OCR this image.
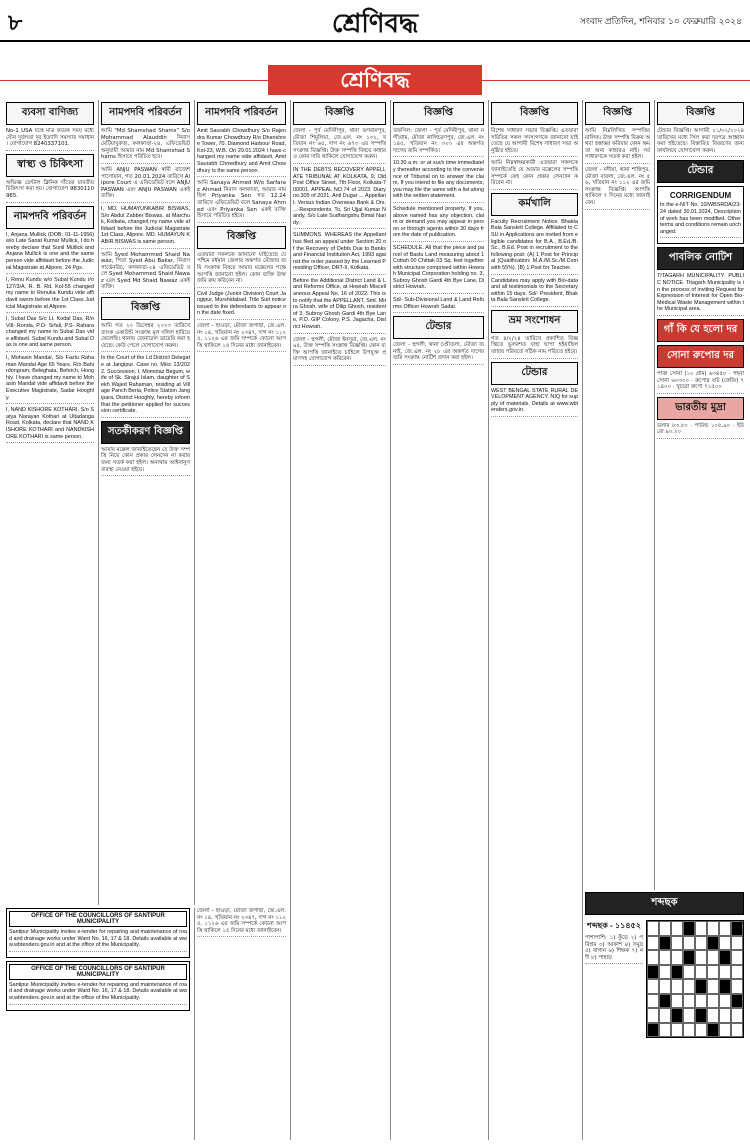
৮	শ্রেণিবদ্ধ	সংবাদ প্রতিদিন, শনিবার ১০ ফেব্রুয়ারি ২০২৪
শ্রেণিবদ্ধ
ব্যবসা বাণিজ্য
No-1 USA যন্ত্রে মাত্র কয়েক সময় মধ্যে যৌন দুর্বলতা দূর ইত্যাদি সমস্যার সমাধান। যোগাযোগ 8240337101.
স্বাস্থ্য ও চিকিৎসা
অভিজ্ঞ ডেন্টাল ক্লিনিক দাঁতের যাবতীয় চিকিৎসা করা হয়। যোগাযোগ 9830110965.
নামপদবি পরিবর্তন
I, Anjana Mullick (DOB: 01-11-1956) w/o Late Sanat Kumar Mullick, I do hereby declare that Sunil Mullick and Anjana Mullick is one and the same person vide affidavit before the Judicial Magistrate at Alipore, 24 Pgs.
I, Renu Kundu w/o Subal Kundu r/o 127/3/A, R. B. Rd. Kol-55 changed my name to Renuka Kundu vide affidavit sworn before the 1st Class Judicial Magistrate at Alipore.
I, Subal Das S/o Lt. Kodal Das, R/o Vill- Ronda, P.O- Srfali, P.S- Rahara changed my name to Subal Das vide affidavit. Subal Kundu and Subal Das is one and same person.
I, Mohasin Mandal, S/o Fazlu Rahaman Mandal Age 65 Years, R/o Bahirdongram, Beleghata, Behrich, Hooghly. I have changed my name to Mohasin Mandal vide affidavit before the Executive Magistrate, Sadar Hooghly.
I, NAND KISHORE KOTHARI, S/o Satya Narayan Kothari at Ultadanga Road, Kolkata, declare that NAND KISHORE KOTHARI and NANDKISHORE KOTHARI is same person.
OFFICE OF THE COUNCILLORS OF SANTIPUR MUNICIPALITY
Santipur Municipality invites e-tender for repairing and maintenance of road and drainage works under Ward No. 16, 17 & 18. Details available at www.wbtenders.gov.in and at the office of the Municipality.
OFFICE OF THE COUNCILLORS OF SANTIPUR MUNICIPALITY
Santipur Municipality invites e-tender for repairing and maintenance of road and drainage works under Ward No. 16, 17 & 18. Details available at www.wbtenders.gov.in and at the office of the Municipality.
নামপদবি পরিবর্তন
আমি "Md Shamshad Shams" S/o Mohammad Alauddin নিবাস মেটিয়াবুরুজ, কলকাতা-২৪, এফিডেভিট অনুযায়ী আমার নাম Md Shamshad Shams হিসাবে পরিচিত হবে।
আমি ANJU PASWAN স্বামী রাজেশ পাসোয়ান, গত 20.01.2024 তারিখে Alipore Court এ এফিডেভিট বলে ANJU PASWAN এবং ANJU PASWAN একই ব্যক্তি।
I, MD. HUMAYUNKABIR BISWAS, S/o Abdul Zabber Biswas, at Marchuk, Kolkata, changed my name vide affidavit before the Judicial Magistrate 1st Class, Alipore. MD. HUMAYUN KABIR BISWAS is same person.
আমি Syed Mohammed Shaid Nawaz, পিতা Syed Abu Bakar, নিবাস গার্ডেনরিচ, কলকাতা-২৪ এফিডেভিট বলে Syed Mohammed Shaid Nawaz এবং Syed Md Shaid Nawaz একই ব্যক্তি।
বিজ্ঞপ্তি
আমি গত ২০ ডিসেম্বর ২০২৩ তারিখে ব্যাংক একাউন্ট সংক্রান্ত মূল দলিল হারিয়ে ফেলেছি। থানায় জেনারেল ডায়েরি করা হয়েছে। কেউ পেলে যোগাযোগ করুন।
In the Court of the Ld District Delegate at Jangipur. Case no. Misc 13/2022. Succession. I, Momotaz Begum, wife of Sk. Sirajul Islam, daughter of Sekh Wajed Rahaman, residing at Village Panch Beria, Police Station Jangipara, District Hooghly, hereby inform that the petitioner applied for succession certificate.
সতর্কীকরণ বিজ্ঞপ্তি
আমার মক্কেল জানাইতেছেন যে উক্ত সম্পত্তি নিয়ে কোন প্রকার লেনদেন না করার জন্য সতর্ক করা হইল। অন্যথায় আইনানুগ ব্যবস্থা নেওয়া হইবে।
নামপদবি পরিবর্তন
Amit Saurabh Chowdhury S/o Rajendra Kumar Chowdhury R/o Dhanshree Tower, 70, Diamond Harbour Road, Kol-23, W.B. On 29.01.2024 I have changed my name vide affidavit. Amit Saurabh Chowdhury and Amit Chowdhury is the same person.
আমি Sanaya Ahmed W/o Sarfaraz Ahmed নিবাস কলকাতা, আমার নাম ছিল Priyanka Sen গত 12.24 তারিখে এফিডেভিট বলে Sanaya Ahmed এবং Priyanka Sen একই ব্যক্তি হিসাবে পরিচিত হইবে।
বিজ্ঞপ্তি
এতদ্বারা সকলকে জানানো যাইতেছে যে পশ্চিম বর্ধমান জেলার অন্তর্গত মৌজার জমি সংক্রান্ত বিষয়ে আমার মক্কেলের পক্ষে আপত্তি জানানো হইল। কোন ব্যক্তি উক্ত জমি ক্রয় করিবেন না।
Civil Judge (Junior Division) Court Jangipur, Murshidabad. Title Suit notice issued to the defendants to appear on the date fixed.
জেলা - হাওড়া, মৌজা জগাছা, জে.এল. নং ১৪, খতিয়ান নং ২৩৪৭, দাগ নং ১১২৫, ১১২৬ এর জমি সম্পর্কে কোনো আপত্তি থাকিলে ১৫ দিনের মধ্যে জানাইবেন।
জেলা - হাওড়া, মৌজা জগাছা, জে.এল. নং ১৪, খতিয়ান নং ২৩৪৭, দাগ নং ১১২৫, ১১২৬ এর জমি সম্পর্কে কোনো আপত্তি থাকিলে ১৫ দিনের মধ্যে জানাইবেন।
বিজ্ঞপ্তি
জেলা - পূর্ব মেদিনীপুর, থানা ভগবানপুর, মৌজা শিমুলিয়া, জে.এল. নং ১৩২, খতিয়ান নং ৬৫, দাগ নং ৬৭৩ এর সম্পত্তি সংক্রান্ত বিজ্ঞপ্তি। উক্ত সম্পত্তি বিষয়ে কাহারও কোন দাবি থাকিলে যোগাযোগ করুন।
IN THE DEBTS RECOVERY APPELLATE TRIBUNAL AT KOLKATA, 9, Old Post Office Street, 7th Floor, Kolkata-700001. APPEAL NO.74 of 2023. Diary no.305 of 2021. Anil Dugar ... Appellant. Versus Indian Overseas Bank & Ors. ... Respondents. To, Sri Ujjal Kumar Nandy, S/o Late Sudhangshu Bimal Nandy.
SUMMONS. WHEREAS the Appellant has filed an appeal under Section 20 of the Recovery of Debts Due to Banks and Financial Institution Act, 1993 against the order passed by the Learned Presiding Officer, DRT-II, Kolkata.
Before the Additional District Land & Land Reforms Office, at Howrah Miscellaneous Appeal No. 16 of 2022. This is to notify that the APPELLANT, Smt. Mitra Ghosh, wife of Dilip Ghosh, resident of 3, Subroy Ghosh Gardi 4th Bye Lane, P.O. GIP Colony, P.S. Jagacha, District Howrah.
জেলা - হুগলী, মৌজা ইনসুরা, জে.এল. নং ৯৫, উক্ত সম্পত্তি সংক্রান্ত বিজ্ঞপ্তি। কোন ব্যক্তি আপত্তি জানাইতে চাহিলে উপযুক্ত প্রমাণসহ যোগাযোগ করিবেন।
বিজ্ঞপ্তি
তফসিল: জেলা - পূর্ব মেদিনীপুর, থানা নন্দীগ্রাম, মৌজা কালিচরণপুর, জে.এল. নং ১৪৫, খতিয়ান নং ৩২৩ এর অন্তর্গত দাগের জমি সম্পর্কিত।
10.30 a.m. or at such time immediately thereafter according to the convenience of Tribunal on to answer the claim. If you intend to file any documents, you may file the same with a list along with the written statement.
Schedule mentioned property. If you, above named has any objection, claim or demand you may appear in person or through agents within 30 days from the date of publication.
SCHEDULE. All that the piece and parcel of Bastu Land measuring about 1 Cottah 00 Chittak 03 Sq. feet together with structure comprised within Howrah Municipal Corporation holding no. 3, Subroy Ghosh Gardi 4th Bye Lane, District Howrah.
Sd/- Sub-Divisional Land & Land Reforms Officer Howrah Sadar.
টেন্ডার
জেলা - হুগলী, থানা চণ্ডীতলা, মৌজা জনাই, জে.এল. নং ২৮ এর অন্তর্গত দাগের জমি সংক্রান্ত নোটিশ প্রদান করা হইল।
বিজ্ঞপ্তি
বিশেষ সাধারণ সভার বিজ্ঞপ্তি। এতদ্বারা সমিতির সকল সদস্যগণকে জানানো যাইতেছে যে আগামী বিশেষ সাধারণ সভা অনুষ্ঠিত হইবে।
আমি নিম্নস্বাক্ষরকারী এতদ্বারা সকলকে জানাইতেছি যে আমার মক্কেলের সম্পত্তি সম্পর্কে কেহ কোন প্রকার লেনদেন করিবেন না।
কর্মখালি
Faculty Recruitment Notice. Bhakta Bala Sanskrit College. Affiliated to CSU in Applications are invited from eligible candidates for B.A., B.Ed./B.Sc., B.Ed. Post in recruitment to the following post: (A) 1 Post for Principal (Qualification: M.A./M.Sc./M.Com with 55%). (B) 1 Post for Teacher.
Candidates may apply with Bio-data and all testimonials to the Secretary within 15 days. Sd/- President, Bhakta Bala Sanskrit College.
ভ্রম সংশোধন
গত ৪/২/২৪ তারিখে প্রকাশিত বিজ্ঞপ্তিতে ভুলবশত যাহা ছাপা হইয়াছিল তাহার পরিবর্তে সঠিক নাম পড়িতে হইবে।
টেন্ডার
WEST BENGAL STATE RURAL DEVELOPMENT AGENCY. NIQ for supply of materials. Details at www.wbtenders.gov.in.
বিজ্ঞপ্তি
আমি নিম্নলিখিত সম্পত্তির মালিক। উক্ত সম্পত্তি বিক্রয় অথবা হস্তান্তর করিবার কোন ক্ষমতা অন্য কাহারও নাই। সর্বসাধারণকে সতর্ক করা হইল।
জেলা - নদীয়া, থানা শান্তিপুর, মৌজা বাবলা, জে.এল. নং ৫৬, খতিয়ান নং ১১২ এর জমি সংক্রান্ত বিজ্ঞপ্তি। আপত্তি থাকিলে ৭ দিনের মধ্যে জানাইবেন।
শব্দছক
শব্দছক - ১১৪৫২
পাশাপাশি: ১) কুঁড়ে ২) পরিশ্রম ৩) আকাশ ৪) সমুদ্র ৫) বাগান ৬) শিক্ষক ৭) নদী ৮) পাহাড়
বিজ্ঞপ্তি
টেন্ডার বিজ্ঞপ্তি। আগামী ২১/০২/২০২৪ তারিখের মধ্যে সিল করা দরপত্র আহ্বান করা হইতেছে। বিস্তারিত বিবরণের জন্য কার্যালয়ে যোগাযোগ করুন।
টেন্ডার
CORRIGENDUM
In the e-NIT No. 10/WBSRDA/23-24 dated 30.01.2024, Description of work has been modified. Other terms and conditions remain unchanged.
পাবলিক নোটিশ
TITAGARH MUNICIPALITY. PUBLIC NOTICE. Titagarh Municipality is in the process of inviting Request for Expression of Interest for Open Bio-Medical Waste Management within the Municipal area.
গাঁ কি যে হলো দর
সোনা রুপোর দর
পাকা সোনা (১০ গ্রাম) ৬৩৪৫০ · গহনা সোনা ৬০৩০০ · রুপোর বাট (কেজি) ৭১৪০০ · খুচরো রুপো ৭১৫০০
ভারতীয় মুদ্রা
ডলার ৮৩.৮০ · পাউন্ড ১০৫.৯০ · ইউরো ৯০.২০
